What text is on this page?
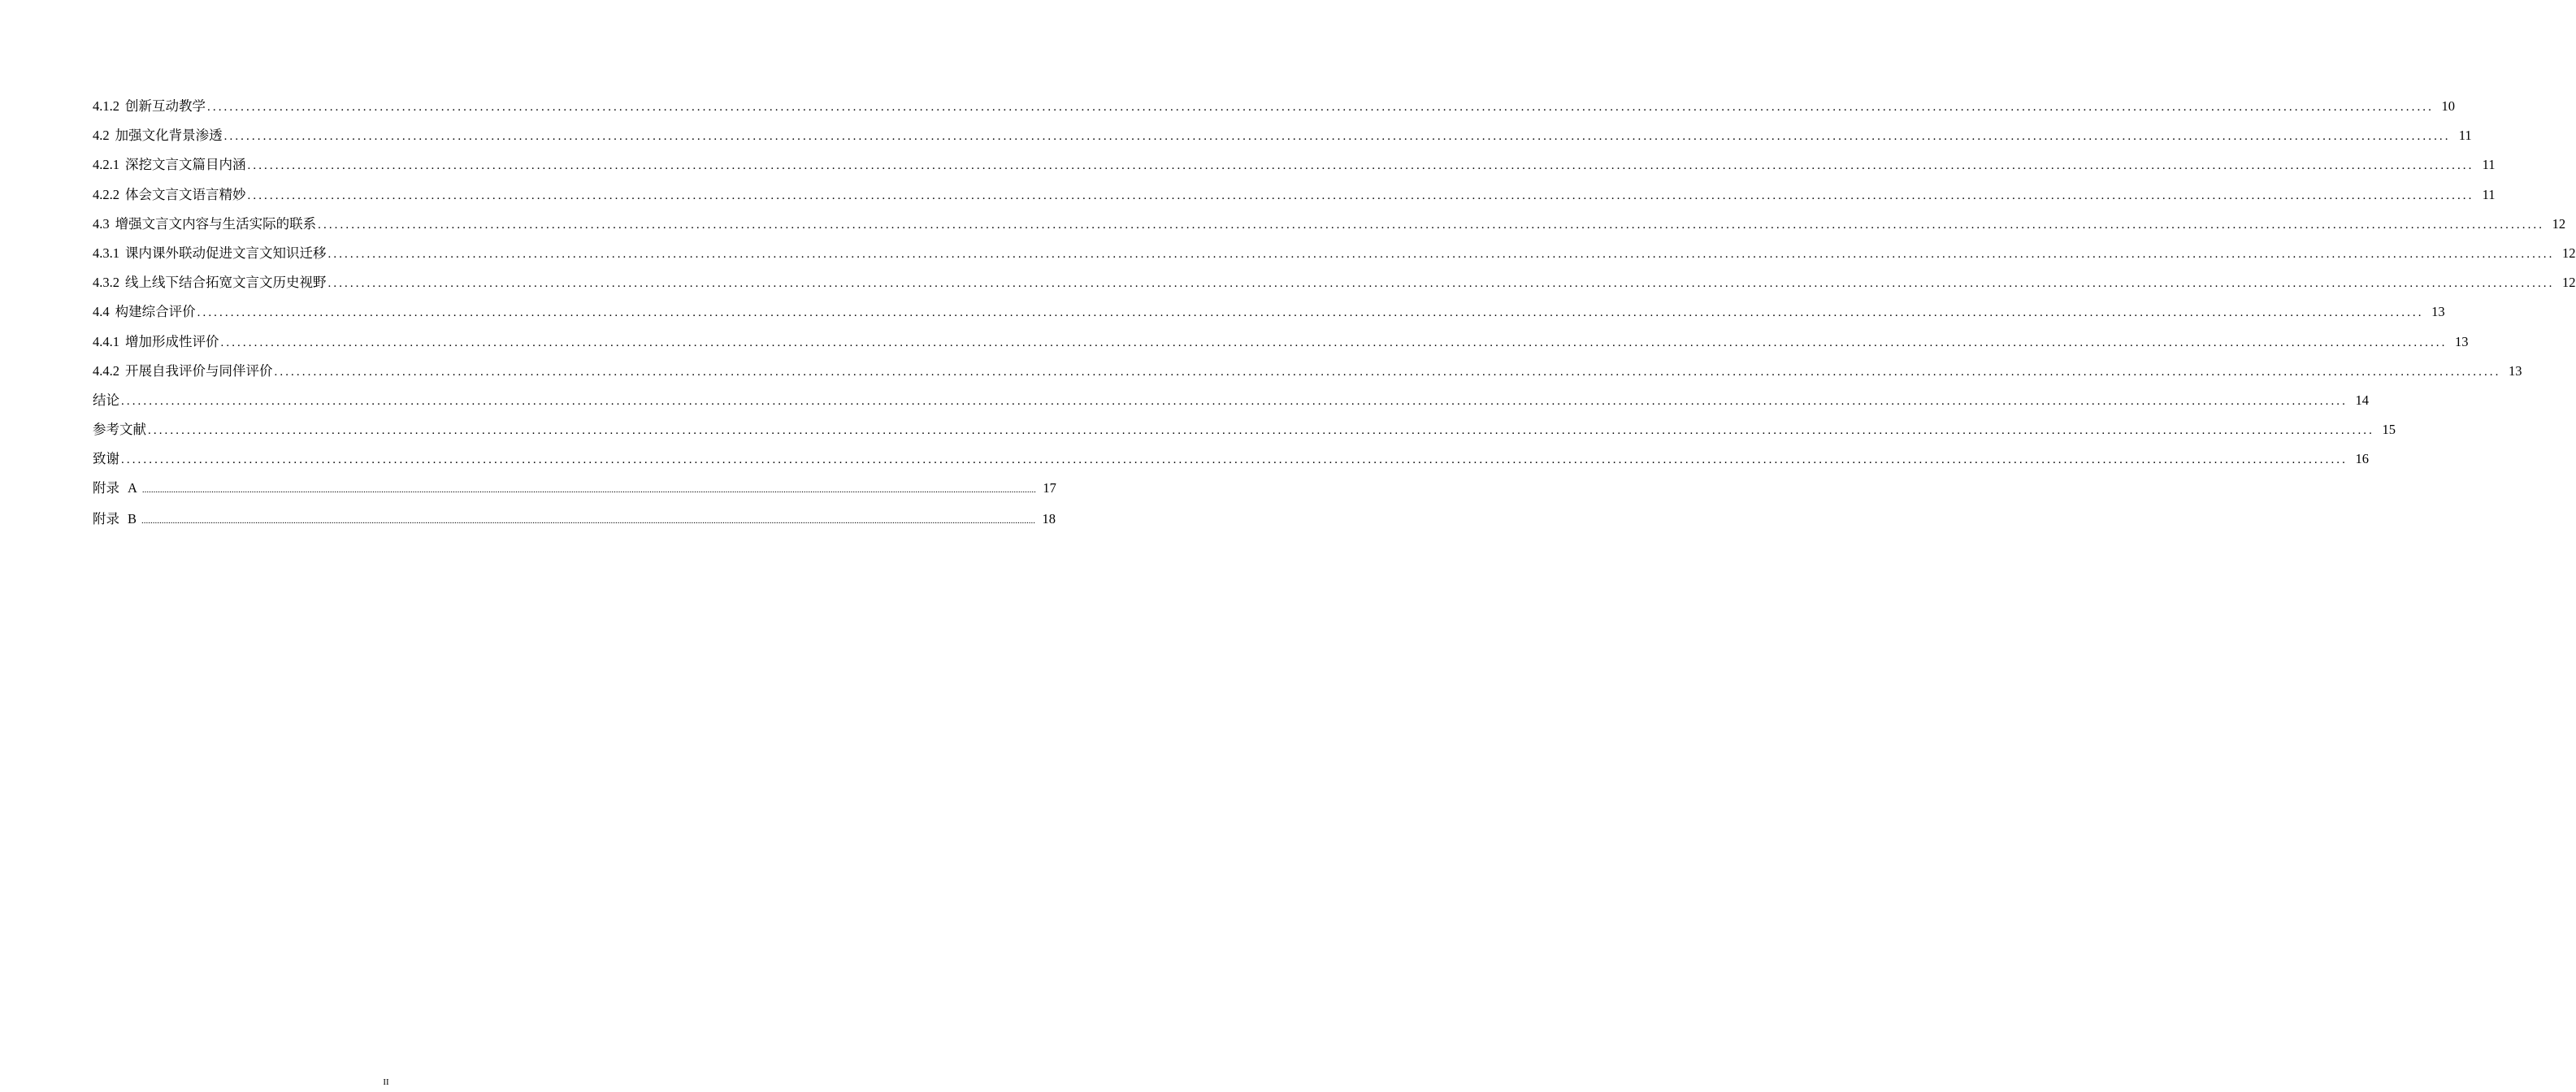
4.1.2 创新互动教学 ................................................................................................................................................................................................................................................................................................................................................................................................................ 10
4.2 加强文化背景渗透 ................................................................................................................................................................................................................................................................................................................................................................................................................ 11
4.2.1 深挖文言文篇目内涵 ................................................................................................................................................................................................................................................................................................................................................................................................................ 11
4.2.2 体会文言文语言精妙 ................................................................................................................................................................................................................................................................................................................................................................................................................ 11
4.3 增强文言文内容与生活实际的联系 ................................................................................................................................................................................................................................................................................................................................................................................................................ 12
4.3.1 课内课外联动促进文言文知识迁移 ................................................................................................................................................................................................................................................................................................................................................................................................................ 12
4.3.2 线上线下结合拓宽文言文历史视野 ................................................................................................................................................................................................................................................................................................................................................................................................................ 12
4.4 构建综合评价 ................................................................................................................................................................................................................................................................................................................................................................................................................ 13
4.4.1 增加形成性评价 ................................................................................................................................................................................................................................................................................................................................................................................................................ 13
4.4.2 开展自我评价与同伴评价 ................................................................................................................................................................................................................................................................................................................................................................................................................ 13
结论 ................................................................................................................................................................................................................................................................................................................................................................................................................ 14
参考文献 ................................................................................................................................................................................................................................................................................................................................................................................................................ 15
致谢 ................................................................................................................................................................................................................................................................................................................................................................................................................ 16
附录 A ................................................................................................................................................................................................................................................................................................................................................................................................................ 17
附录 B ................................................................................................................................................................................................................................................................................................................................................................................................................ 18
II
